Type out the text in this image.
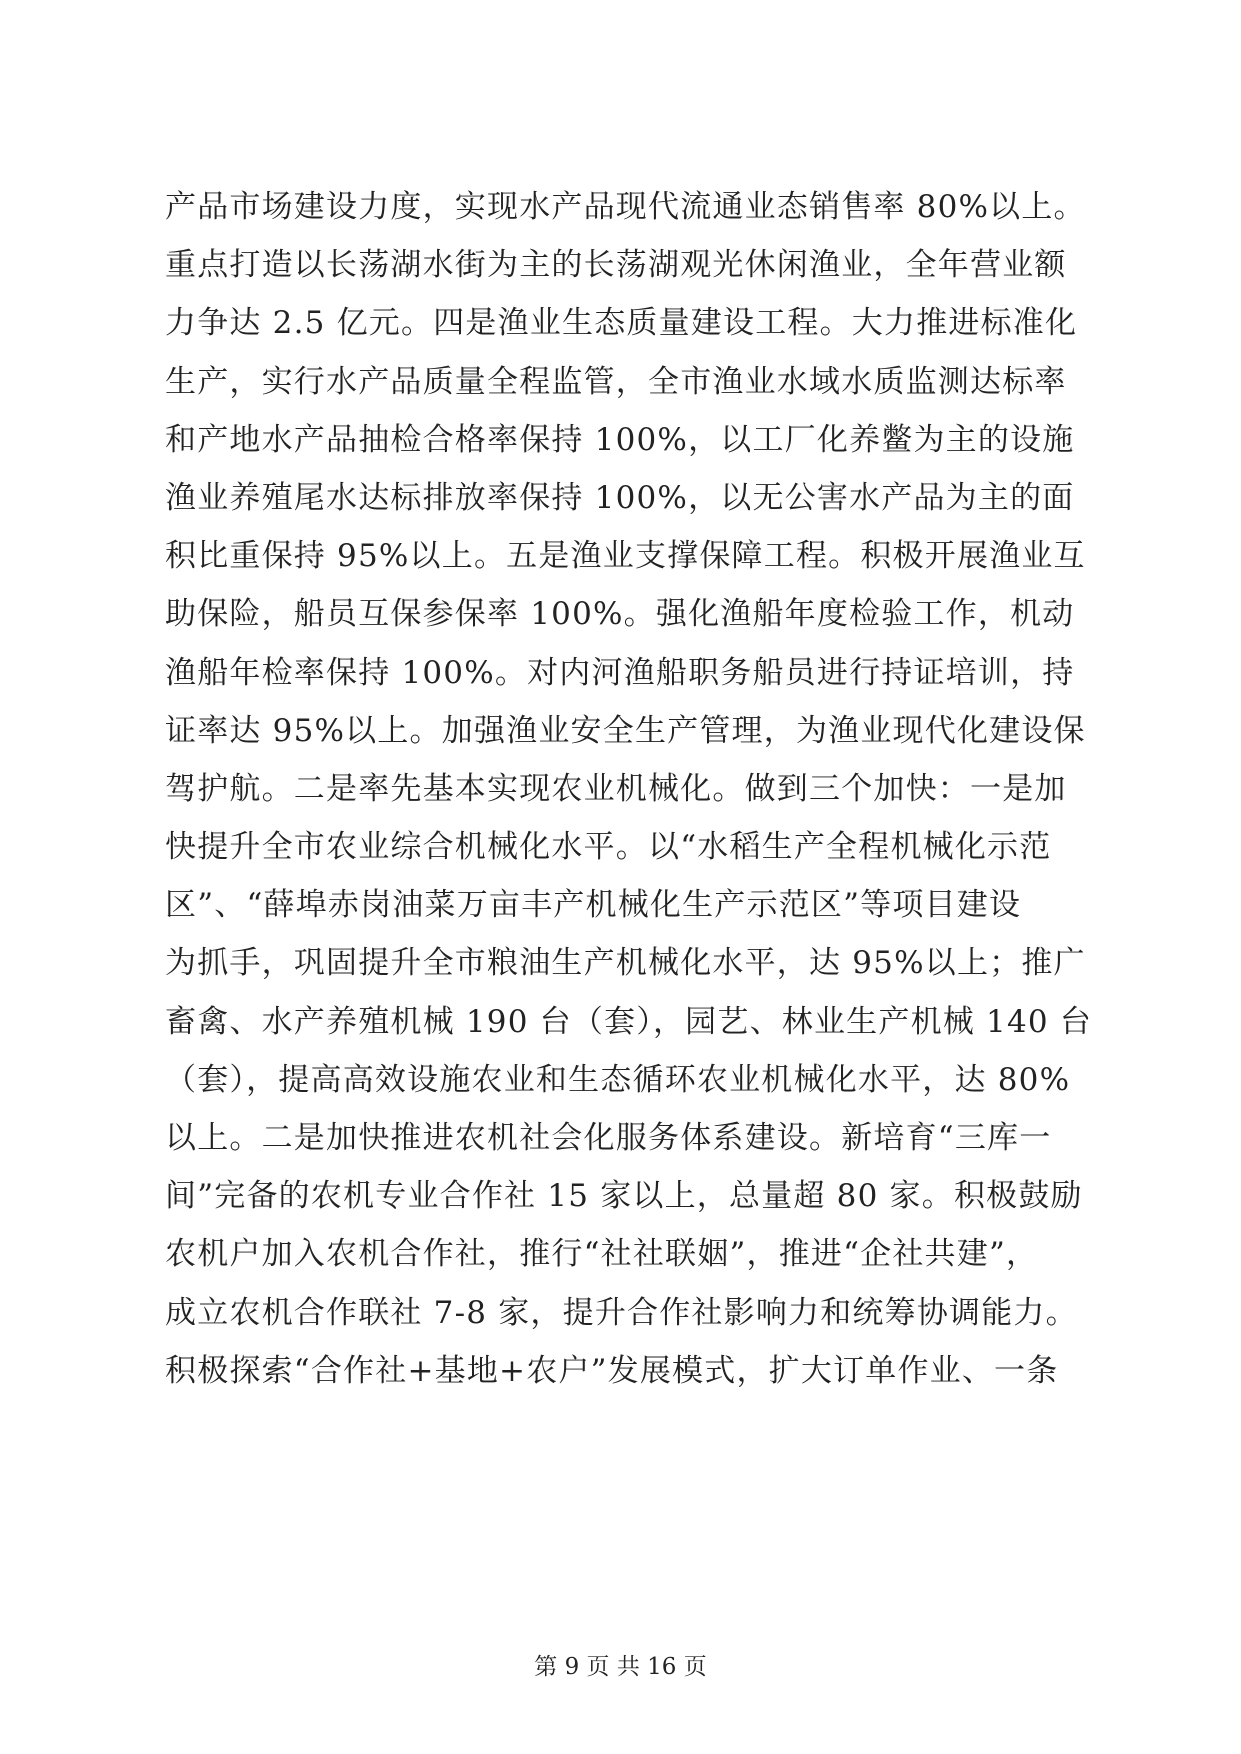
产品市场建设力度，实现水产品现代流通业态销售率 80%以上。
重点打造以长荡湖水街为主的长荡湖观光休闲渔业，全年营业额
力争达 2.5 亿元。四是渔业生态质量建设工程。大力推进标准化
生产，实行水产品质量全程监管，全市渔业水域水质监测达标率
和产地水产品抽检合格率保持 100%，以工厂化养鳖为主的设施
渔业养殖尾水达标排放率保持 100%，以无公害水产品为主的面
积比重保持 95%以上。五是渔业支撑保障工程。积极开展渔业互
助保险，船员互保参保率 100%。强化渔船年度检验工作，机动
渔船年检率保持 100%。对内河渔船职务船员进行持证培训，持
证率达 95%以上。加强渔业安全生产管理，为渔业现代化建设保
驾护航。二是率先基本实现农业机械化。做到三个加快：一是加
快提升全市农业综合机械化水平。以“水稻生产全程机械化示范
区”、“薛埠赤岗油菜万亩丰产机械化生产示范区”等项目建设
为抓手，巩固提升全市粮油生产机械化水平，达 95%以上；推广
畜禽、水产养殖机械 190 台（套），园艺、林业生产机械 140 台
（套），提高高效设施农业和生态循环农业机械化水平，达 80%
以上。二是加快推进农机社会化服务体系建设。新培育“三库一
间”完备的农机专业合作社 15 家以上，总量超 80 家。积极鼓励
农机户加入农机合作社，推行“社社联姻”，推进“企社共建”，
成立农机合作联社 7-8 家，提升合作社影响力和统筹协调能力。
积极探索“合作社+基地+农户”发展模式，扩大订单作业、一条
第 9 页 共 16 页
